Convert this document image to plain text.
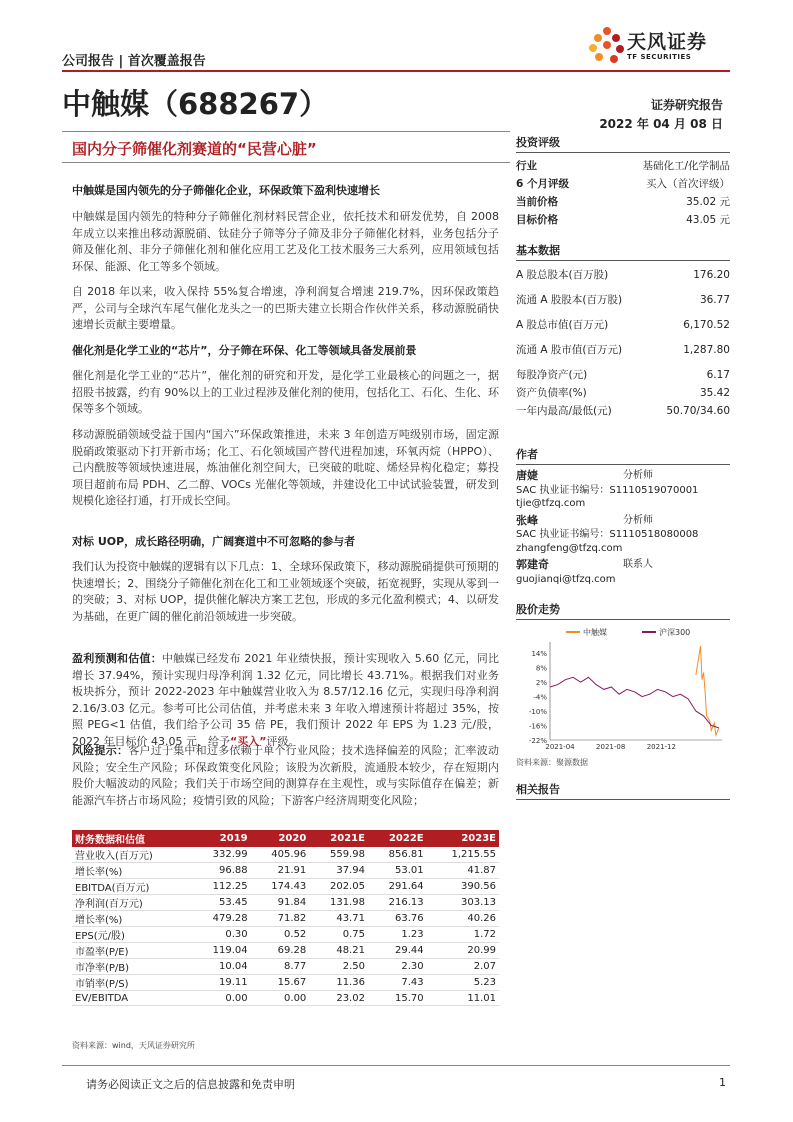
公司报告 | 首次覆盖报告
天风证券
TF SECURITIES
中触媒（688267）	证券研究报告
2022 年 04 月 08 日
国内分子筛催化剂赛道的“民营心脏”

中触媒是国内领先的分子筛催化企业，环保政策下盈利快速增长

中触媒是国内领先的特种分子筛催化剂材料民营企业，依托技术和研发优势，自 2008 年成立以来推出移动源脱硝、钛硅分子筛等分子筛及非分子筛催化材料，业务包括分子筛及催化剂、非分子筛催化剂和催化应用工艺及化工技术服务三大系列，应用领域包括环保、能源、化工等多个领域。

自 2018 年以来，收入保持 55%复合增速，净利润复合增速 219.7%，因环保政策趋严，公司与全球汽车尾气催化龙头之一的巴斯夫建立长期合作伙伴关系，移动源脱硝快速增长贡献主要增量。

催化剂是化学工业的“芯片”，分子筛在环保、化工等领域具备发展前景

催化剂是化学工业的“芯片”，催化剂的研究和开发，是化学工业最核心的问题之一，据招股书披露，约有 90%以上的工业过程涉及催化剂的使用，包括化工、石化、生化、环保等多个领域。

移动源脱硝领域受益于国内“国六”环保政策推进，未来 3 年创造万吨级别市场，固定源脱硝政策驱动下打开新市场；化工、石化领域国产替代进程加速，环氧丙烷（HPPO）、己内酰胺等领域快速进展，炼油催化剂空间大，已突破的吡啶、烯烃异构化稳定；募投项目超前布局 PDH、乙二醇、VOCs 光催化等领域，并建设化工中试试验装置，研发到规模化途径打通，打开成长空间。

对标 UOP，成长路径明确，广阔赛道中不可忽略的参与者

我们认为投资中触媒的逻辑有以下几点：1、全球环保政策下，移动源脱硝提供可预期的快速增长；2、围绕分子筛催化剂在化工和工业领域逐个突破，拓宽视野，实现从零到一的突破；3、对标 UOP，提供催化解决方案工艺包，形成的多元化盈利模式；4、以研发为基础，在更广阔的催化前沿领域进一步突破。

盈利预测和估值：中触媒已经发布 2021 年业绩快报，预计实现收入 5.60 亿元，同比增长 37.94%，预计实现归母净利润 1.32 亿元，同比增长 43.71%。根据我们对业务板块拆分，预计 2022-2023 年中触媒营业收入为 8.57/12.16 亿元，实现归母净利润 2.16/3.03 亿元。参考可比公司估值，并考虑未来 3 年收入增速预计将超过 35%，按照 PEG<1 估值，我们给予公司 35 倍 PE，我们预计 2022 年 EPS 为 1.23 元/股，2022 年目标价 43.05 元，给予“买入”评级。

风险提示：客户过于集中和过多依赖于单个行业风险；技术选择偏差的风险；汇率波动风险；安全生产风险；环保政策变化风险；该股为次新股，流通股本较少，存在短期内股价大幅波动的风险；我们关于市场空间的测算存在主观性，或与实际值存在偏差；新能源汽车挤占市场风险；疫情引致的风险；下游客户经济周期变化风险；

财务数据和估值	2019	2020	2021E	2022E	2023E
营业收入(百万元)	332.99	405.96	559.98	856.81	1,215.55
增长率(%)	96.88	21.91	37.94	53.01	41.87
EBITDA(百万元)	112.25	174.43	202.05	291.64	390.56
净利润(百万元)	53.45	91.84	131.98	216.13	303.13
增长率(%)	479.28	71.82	43.71	63.76	40.26
EPS(元/股)	0.30	0.52	0.75	1.23	1.72
市盈率(P/E)	119.04	69.28	48.21	29.44	20.99
市净率(P/B)	10.04	8.77	2.50	2.30	2.07
市销率(P/S)	19.11	15.67	11.36	7.43	5.23
EV/EBITDA	0.00	0.00	23.02	15.70	11.01
资料来源：wind，天风证券研究所
投资评级
行业	基础化工/化学制品
6 个月评级	买入（首次评级）
当前价格	35.02 元
目标价格	43.05 元
基本数据
A 股总股本(百万股)	176.20
流通 A 股股本(百万股)	36.77
A 股总市值(百万元)	6,170.52
流通 A 股市值(百万元)	1,287.80
每股净资产(元)	6.17
资产负债率(%)	35.42
一年内最高/最低(元)	50.70/34.60
作者
唐婕	分析师
SAC 执业证书编号：S1110519070001
tjie@tfzq.com
张峰	分析师
SAC 执业证书编号：S1110518080008
zhangfeng@tfzq.com
郭建奇	联系人
guojianqi@tfzq.com
股价走势
中触媒	沪深300
14%
8%
2%
-4%
-10%
-16%
-22%
2021-04	2021-08	2021-12
资料来源：聚源数据
相关报告
请务必阅读正文之后的信息披露和免责申明	1
